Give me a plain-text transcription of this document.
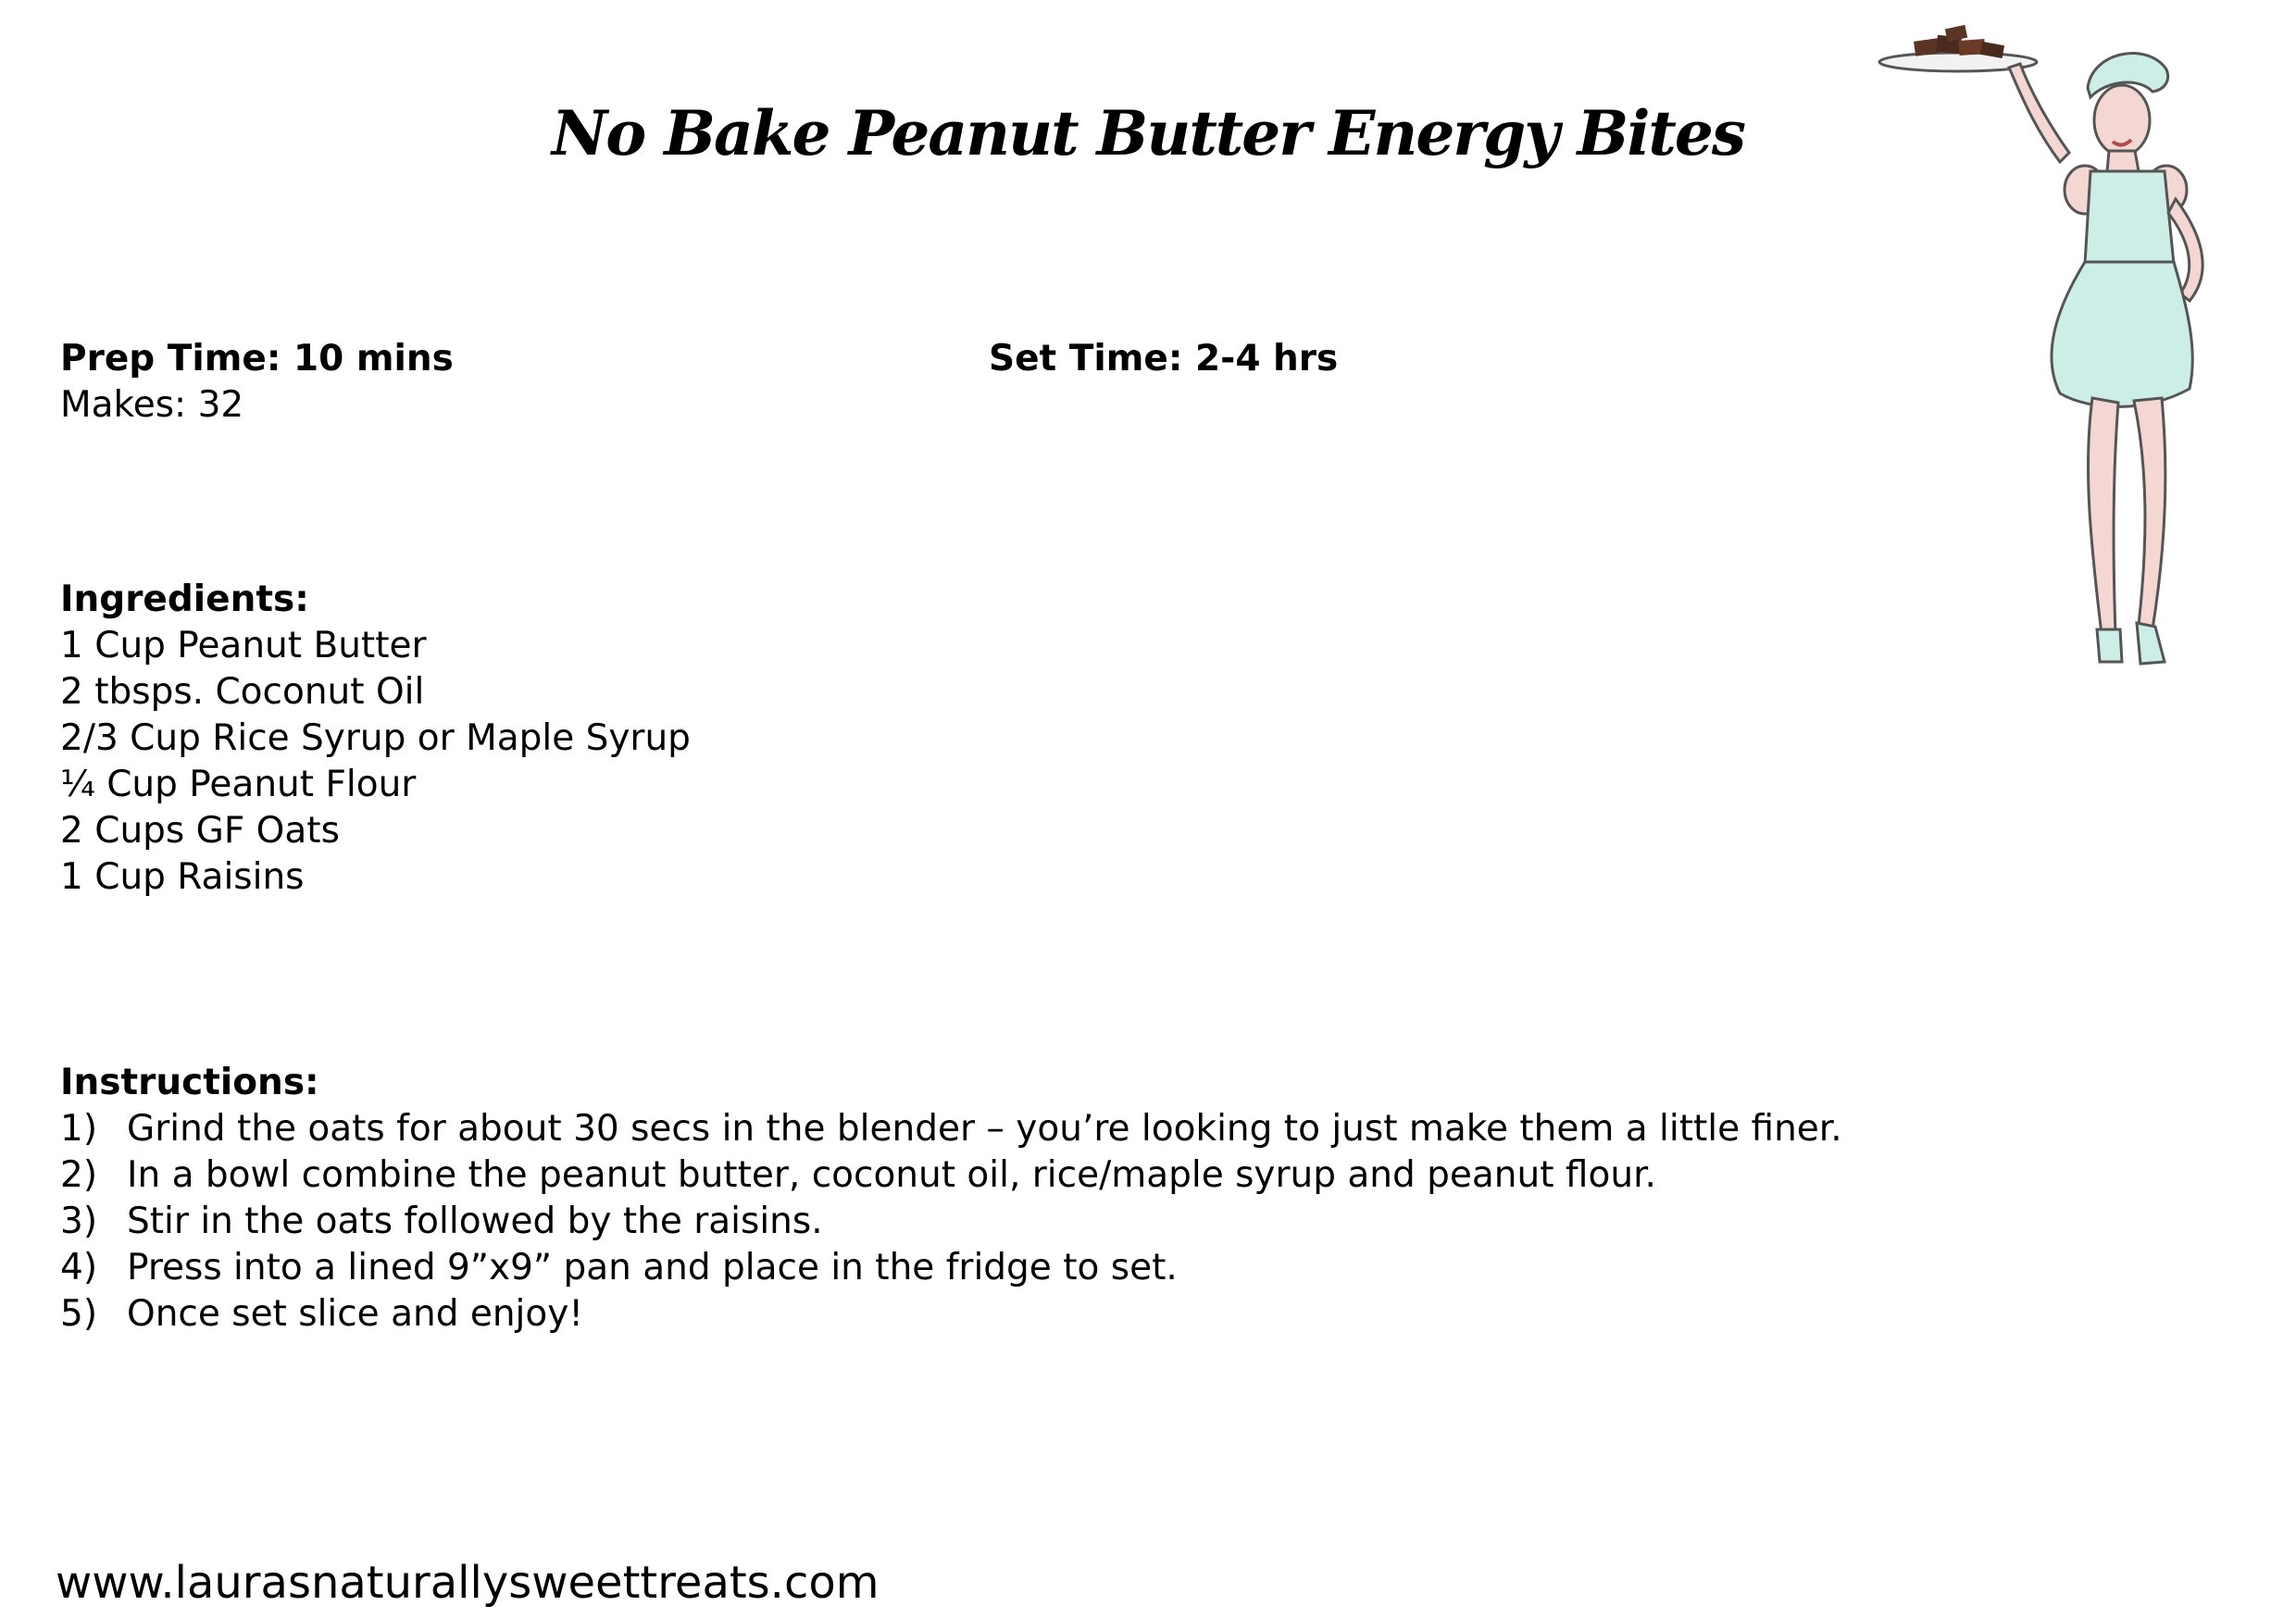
No Bake Peanut Butter Energy Bites
Prep Time: 10 mins	Set Time: 2-4 hrs
Makes: 32
Ingredients:
1 Cup Peanut Butter
2 tbsps. Coconut Oil
2/3 Cup Rice Syrup or Maple Syrup
¼ Cup Peanut Flour
2 Cups GF Oats
1 Cup Raisins
Instructions:
1) Grind the oats for about 30 secs in the blender – you’re looking to just make them a little finer.
2) In a bowl combine the peanut butter, coconut oil, rice/maple syrup and peanut flour.
3) Stir in the oats followed by the raisins.
4) Press into a lined 9”x9” pan and place in the fridge to set.
5) Once set slice and enjoy!
www.laurasnaturallysweettreats.com
